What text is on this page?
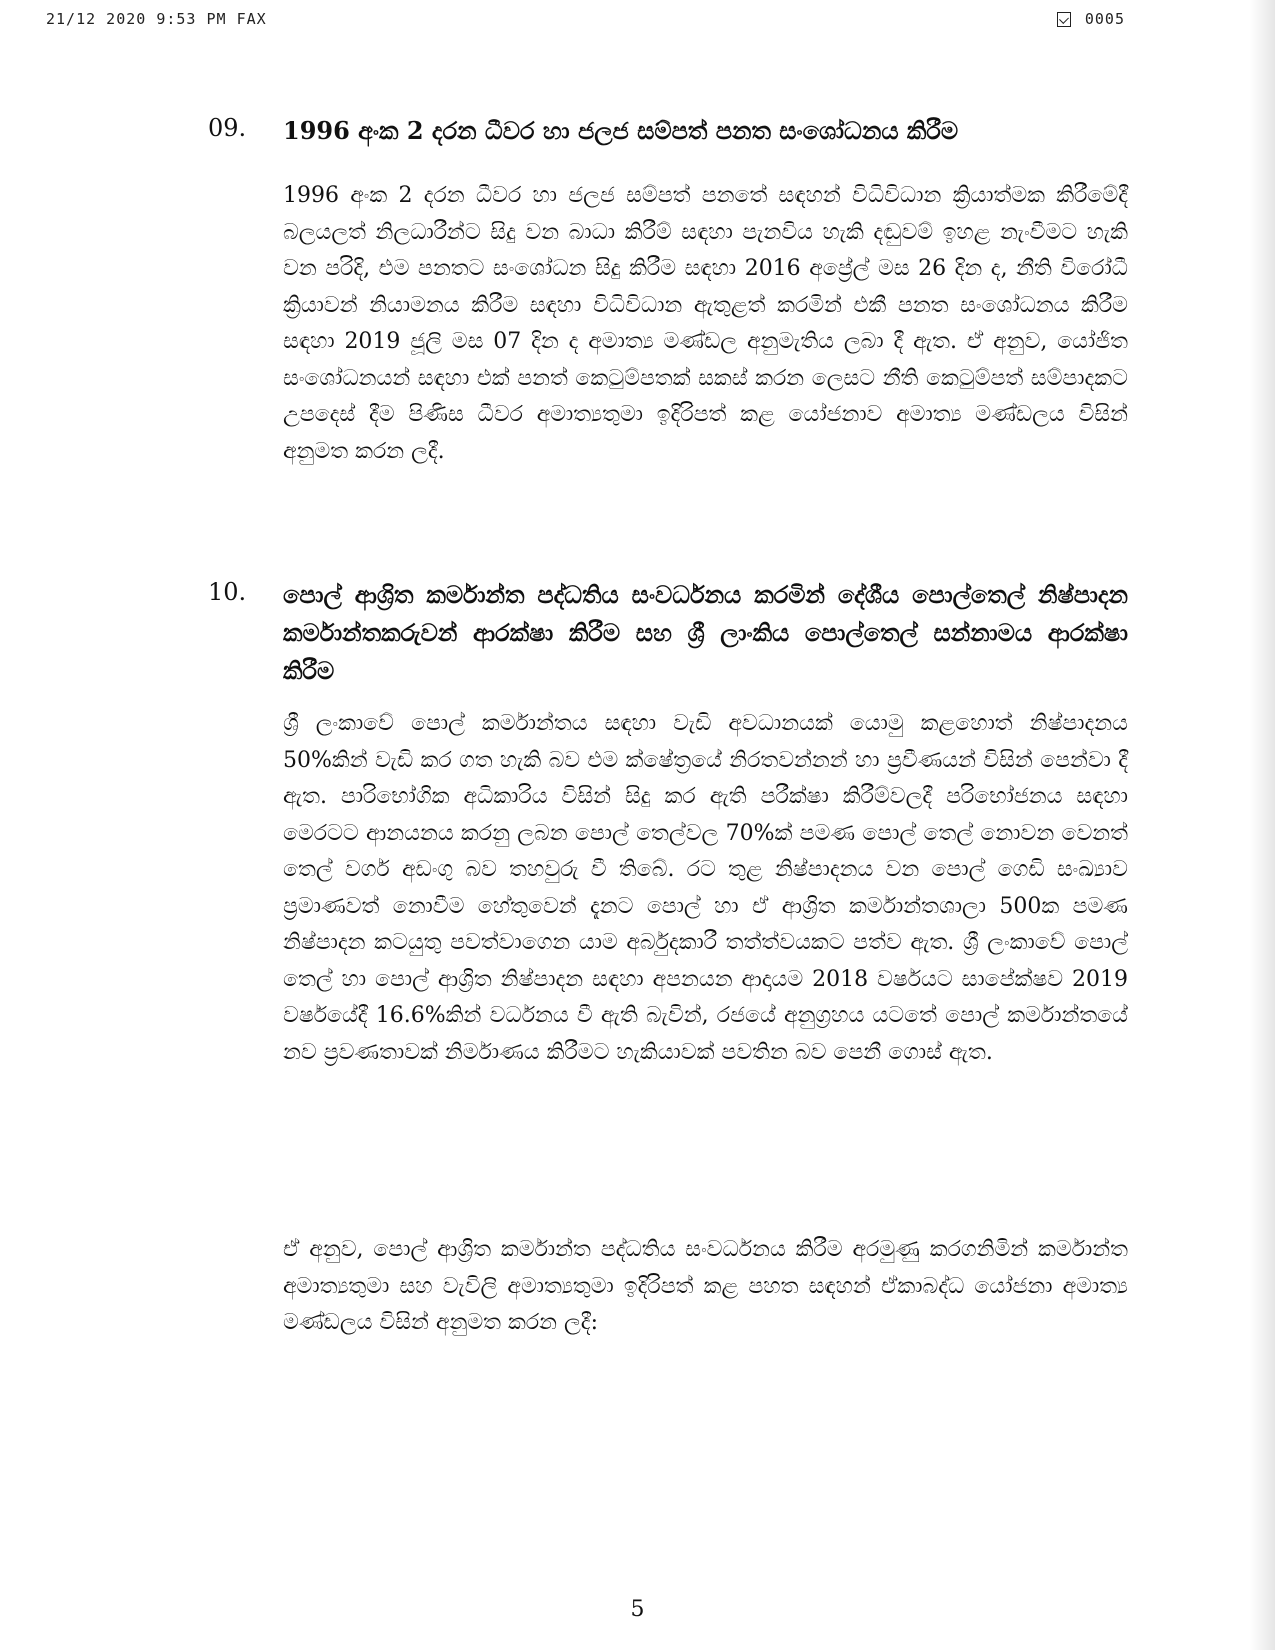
21/12 2020 9:53 PM FAX	0005
09. 1996 අංක 2 දරන ධීවර හා ජලජ සම්පත් පනත සංශෝධනය කිරීම
1996 අංක 2 දරන ධීවර හා ජලජ සම්පත් පනතේ සඳහන් විධිවිධාන ක්‍රියාත්මක කිරීමේදී බලයලත් නිලධාරීන්ට සිදු වන බාධා කිරීම් සඳහා පැනවිය හැකි දඬුවම් ඉහළ නැංවීමට හැකි වන පරිදි, එම පනතට සංශෝධන සිදු කිරීම සඳහා 2016 අප්‍රේල් මස 26 දින ද, නීති විරෝධී ක්‍රියාවන් නියාමනය කිරීම සඳහා විධිවිධාන ඇතුළත් කරමින් එකී පනත සංශෝධනය කිරීම සඳහා 2019 ජූලි මස 07 දින ද අමාත්‍ය මණ්ඩල අනුමැතිය ලබා දී ඇත. ඒ අනුව, යෝජිත සංශෝධනයන් සඳහා එක් පනත් කෙටුම්පතක් සකස් කරන ලෙසට නීති කෙටුම්පත් සම්පාදකට උපදෙස් දීම පිණිස ධීවර අමාත්‍යතුමා ඉදිරිපත් කළ යෝජනාව අමාත්‍ය මණ්ඩලය විසින් අනුමත කරන ලදී.
10. පොල් ආශ්‍රිත කර්මාන්ත පද්ධතිය සංවර්ධනය කරමින් දේශීය පොල්තෙල් නිෂ්පාදන කර්මාන්තකරුවන් ආරක්ෂා කිරීම සහ ශ්‍රී ලාංකිය පොල්තෙල් සන්නාමය ආරක්ෂා කිරීම
ශ්‍රී ලංකාවේ පොල් කර්මාන්තය සඳහා වැඩි අවධානයක් යොමු කළහොත් නිෂ්පාදනය 50%කින් වැඩි කර ගත හැකි බව එම ක්ෂේත්‍රයේ නිරතවන්නන් හා ප්‍රවීණයන් විසින් පෙන්වා දී ඇත. පාරිභෝගික අධිකාරිය විසින් සිදු කර ඇති පරීක්ෂා කිරීම්වලදී පරිභෝජනය සඳහා මෙරටට ආනයනය කරනු ලබන පොල් තෙල්වල 70%ක් පමණ පොල් තෙල් නොවන වෙනත් තෙල් වර්ග අඩංගු බව තහවුරු වී තිබේ. රට තුළ නිෂ්පාදනය වන පොල් ගෙඩි සංඛ්‍යාව ප්‍රමාණවත් නොවීම හේතුවෙන් දැනට පොල් හා ඒ ආශ්‍රිත කර්මාන්තශාලා 500ක පමණ නිෂ්පාදන කටයුතු පවත්වාගෙන යාම අර්බුදකාරී තත්ත්වයකට පත්ව ඇත. ශ්‍රී ලංකාවේ පොල් තෙල් හා පොල් ආශ්‍රිත නිෂ්පාදන සඳහා අපනයන ආදායම 2018 වර්ෂයට සාපේක්ෂව 2019 වර්ෂයේදී 16.6%කින් වර්ධනය වී ඇති බැවින්, රජයේ අනුග්‍රහය යටතේ පොල් කර්මාන්තයේ නව ප්‍රවණතාවක් නිර්මාණය කිරීමට හැකියාවක් පවතින බව පෙනී ගොස් ඇත.
ඒ අනුව, පොල් ආශ්‍රිත කර්මාන්ත පද්ධතිය සංවර්ධනය කිරීම අරමුණු කරගනිමින් කර්මාන්ත අමාත්‍යතුමා සහ වැවිලි අමාත්‍යතුමා ඉදිරිපත් කළ පහත සඳහන් ඒකාබද්ධ යෝජනා අමාත්‍ය මණ්ඩලය විසින් අනුමත කරන ලදී:
5
